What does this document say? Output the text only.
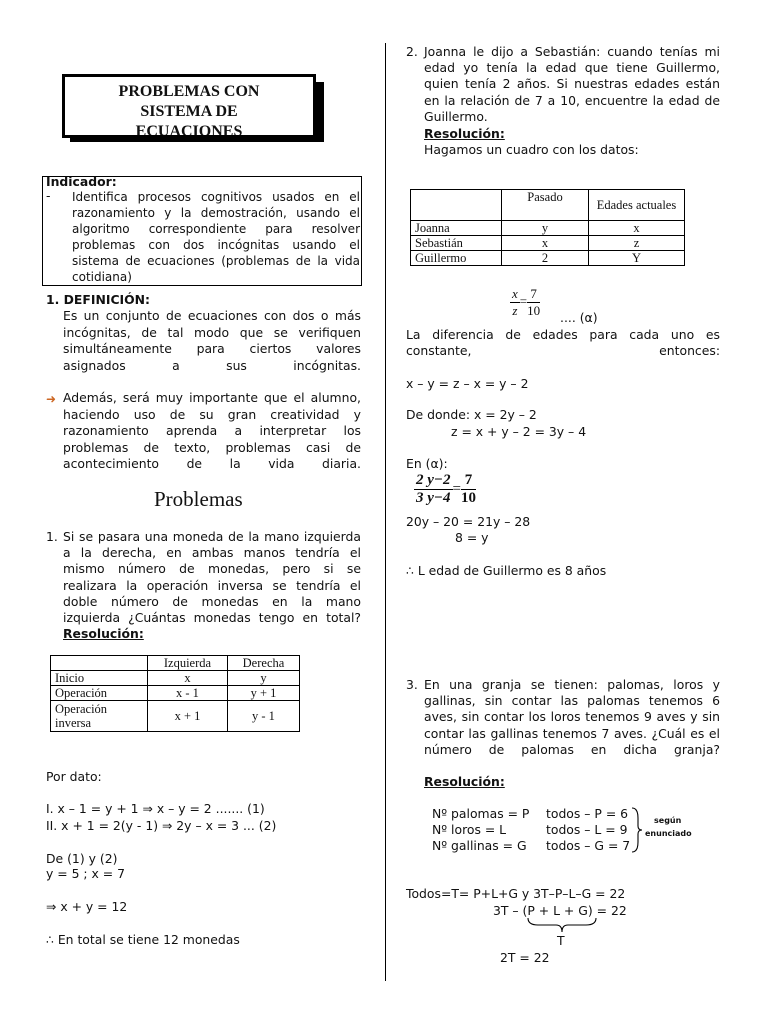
PROBLEMAS CON
SISTEMA DE
ECUACIONES
Indicador:
- Identifica procesos cognitivos usados en el razonamiento y la demostración, usando el algoritmo correspondiente para resolver problemas con dos incógnitas usando el sistema de ecuaciones (problemas de la vida cotidiana)
1. DEFINICIÓN:
Es un conjunto de ecuaciones con dos o más incógnitas, de tal modo que se verifiquen simultáneamente para ciertos valores asignados a sus incógnitas.
➜ Además, será muy importante que el alumno, haciendo uso de su gran creatividad y razonamiento aprenda a interpretar los problemas de texto, problemas casi de acontecimiento de la vida diaria.
Problemas
1. Si se pasara una moneda de la mano izquierda a la derecha, en ambas manos tendría el mismo número de monedas, pero si se realizara la operación inversa se tendría el doble número de monedas en la mano izquierda ¿Cuántas monedas tengo en total?
Resolución:
	Izquierda	Derecha
Inicio	x	y
Operación	x - 1	y + 1
Operación inversa	x + 1	y - 1
Por dato:
I. x – 1 = y + 1 ⇒ x – y = 2 ....... (1)
II. x + 1 = 2(y - 1) ⇒ 2y – x = 3 ... (2)
De (1) y (2)
y = 5 ; x = 7
⇒ x + y = 12
∴ En total se tiene 12 monedas
2. Joanna le dijo a Sebastián: cuando tenías mi edad yo tenía la edad que tiene Guillermo, quien tenía 2 años. Si nuestras edades están en la relación de 7 a 10, encuentre la edad de Guillermo.
Resolución:
Hagamos un cuadro con los datos:
	Pasado	Edades actuales
Joanna	y	x
Sebastián	x	z
Guillermo	2	Y
$\frac{x}{z} = \frac{7}{10}$ .... (α)
La diferencia de edades para cada uno es constante, entonces:
x – y = z – x = y – 2
De donde: x = 2y – 2
z = x + y – 2 = 3y – 4
En (α):
$\frac{2 y-2}{3 y-4} = \frac{7}{10}$
20y – 20 = 21y – 28
8 = y
∴ L edad de Guillermo es 8 años
3. En una granja se tienen: palomas, loros y gallinas, sin contar las palomas tenemos 6 aves, sin contar los loros tenemos 9 aves y sin contar las gallinas tenemos 7 aves. ¿Cuál es el número de palomas en dicha granja?
Resolución:
Nº palomas = P todos – P = 6
Nº loros = L	todos – L = 9
Nº gallinas = G todos – G = 7
según
enunciado
Todos=T= P+L+G y 3T–P–L–G = 22
3T – (P + L + G) = 22
T
2T = 22
